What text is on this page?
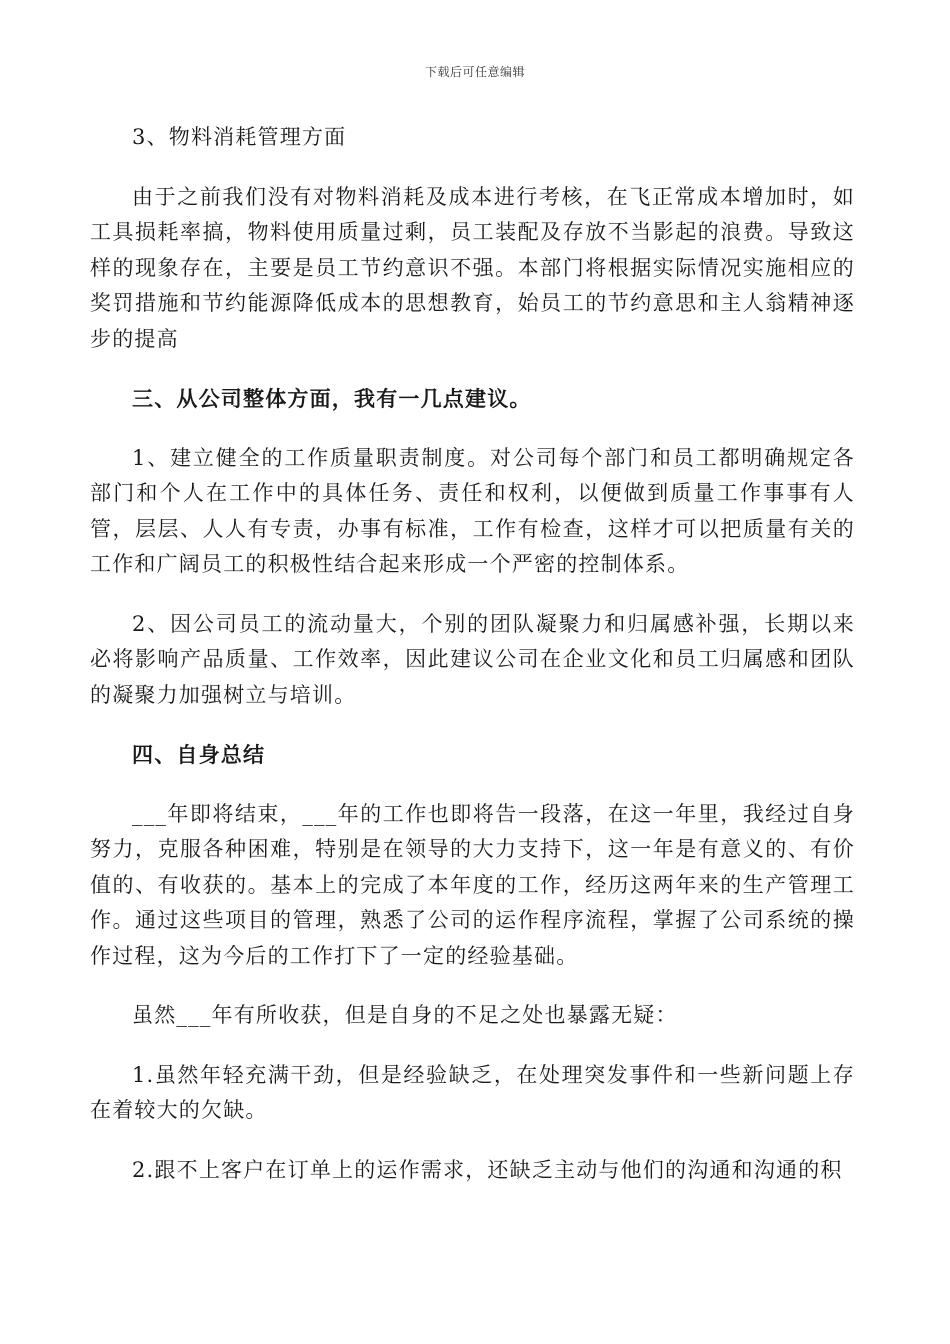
下载后可任意编辑

3、物料消耗管理方面

由于之前我们没有对物料消耗及成本进行考核，在飞正常成本增加时，如工具损耗率搞，物料使用质量过剩，员工装配及存放不当影起的浪费。导致这样的现象存在，主要是员工节约意识不强。本部门将根据实际情况实施相应的奖罚措施和节约能源降低成本的思想教育，始员工的节约意思和主人翁精神逐步的提高

三、从公司整体方面，我有一几点建议。

1、建立健全的工作质量职责制度。对公司每个部门和员工都明确规定各部门和个人在工作中的具体任务、责任和权利，以便做到质量工作事事有人管，层层、人人有专责，办事有标准，工作有检查，这样才可以把质量有关的工作和广阔员工的积极性结合起来形成一个严密的控制体系。

2、因公司员工的流动量大，个别的团队凝聚力和归属感补强，长期以来必将影响产品质量、工作效率，因此建议公司在企业文化和员工归属感和团队的凝聚力加强树立与培训。

四、自身总结

___年即将结束，___年的工作也即将告一段落，在这一年里，我经过自身努力，克服各种困难，特别是在领导的大力支持下，这一年是有意义的、有价值的、有收获的。基本上的完成了本年度的工作，经历这两年来的生产管理工作。通过这些项目的管理，熟悉了公司的运作程序流程，掌握了公司系统的操作过程，这为今后的工作打下了一定的经验基础。

虽然___年有所收获，但是自身的不足之处也暴露无疑：

1.虽然年轻充满干劲，但是经验缺乏，在处理突发事件和一些新问题上存在着较大的欠缺。

2.跟不上客户在订单上的运作需求，还缺乏主动与他们的沟通和沟通的积
